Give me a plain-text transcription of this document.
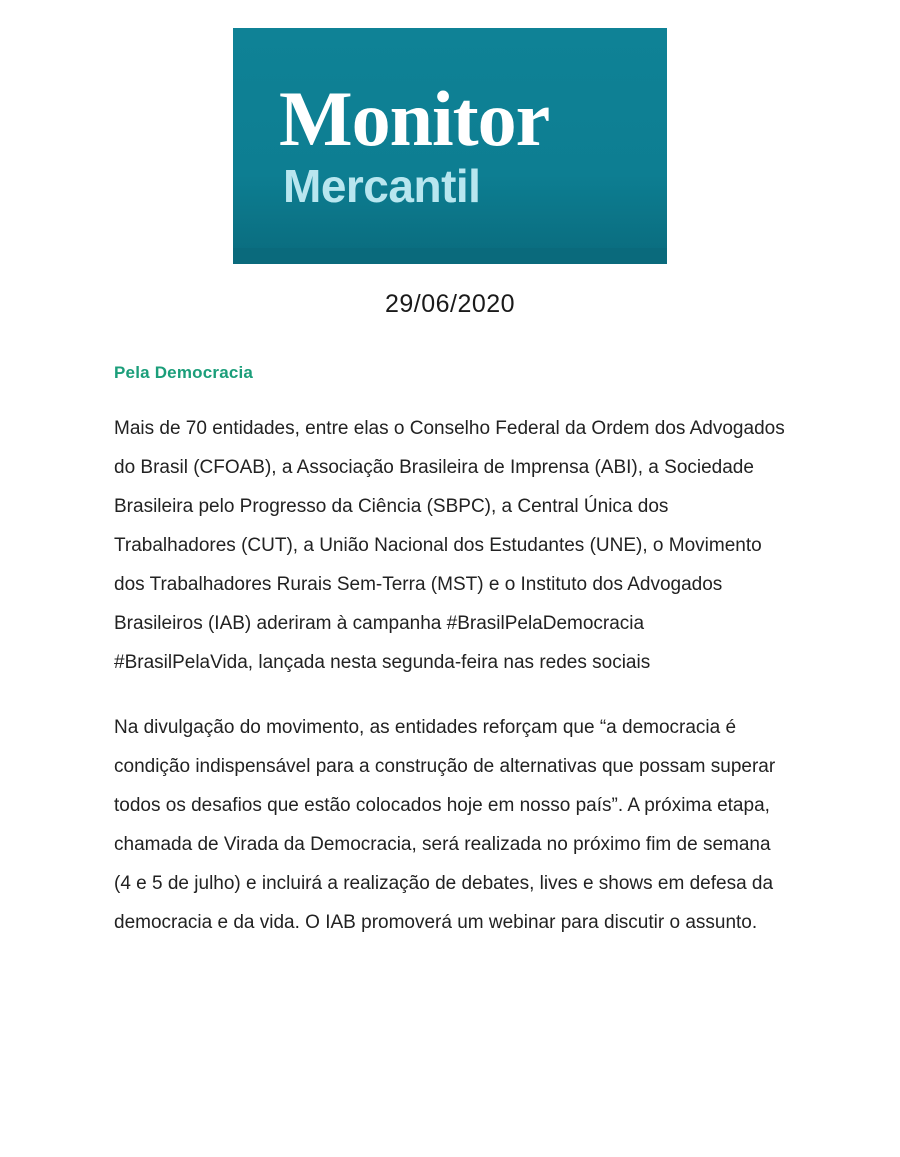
Monitor
Mercantil
29/06/2020
Pela Democracia

Mais de 70 entidades, entre elas o Conselho Federal da Ordem dos Advogados do Brasil (CFOAB), a Associação Brasileira de Imprensa (ABI), a Sociedade Brasileira pelo Progresso da Ciência (SBPC), a Central Única dos Trabalhadores (CUT), a União Nacional dos Estudantes (UNE), o Movimento dos Trabalhadores Rurais Sem-Terra (MST) e o Instituto dos Advogados Brasileiros (IAB) aderiram à campanha #BrasilPelaDemocracia #BrasilPelaVida, lançada nesta segunda-feira nas redes sociais

Na divulgação do movimento, as entidades reforçam que “a democracia é condição indispensável para a construção de alternativas que possam superar todos os desafios que estão colocados hoje em nosso país”. A próxima etapa, chamada de Virada da Democracia, será realizada no próximo fim de semana (4 e 5 de julho) e incluirá a realização de debates, lives e shows em defesa da democracia e da vida. O IAB promoverá um webinar para discutir o assunto.
